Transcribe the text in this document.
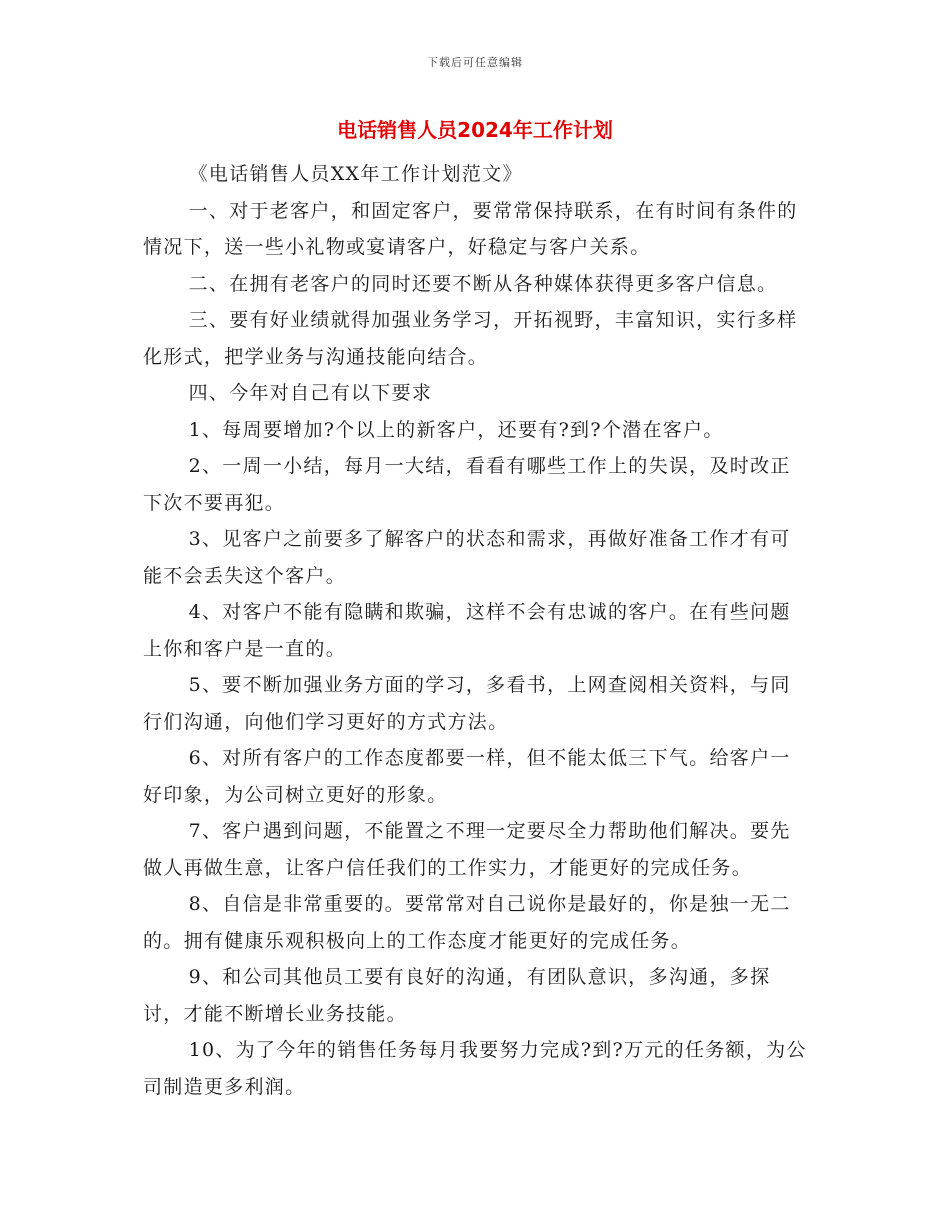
下载后可任意编辑
电话销售人员2024年工作计划

《电话销售人员XX年工作计划范文》

一、对于老客户，和固定客户，要常常保持联系，在有时间有条件的情况下，送一些小礼物或宴请客户，好稳定与客户关系。

二、在拥有老客户的同时还要不断从各种媒体获得更多客户信息。

三、要有好业绩就得加强业务学习，开拓视野，丰富知识，实行多样化形式，把学业务与沟通技能向结合。

四、今年对自己有以下要求

1、每周要增加?个以上的新客户，还要有?到?个潜在客户。

2、一周一小结，每月一大结，看看有哪些工作上的失误，及时改正下次不要再犯。

3、见客户之前要多了解客户的状态和需求，再做好准备工作才有可能不会丢失这个客户。

4、对客户不能有隐瞒和欺骗，这样不会有忠诚的客户。在有些问题上你和客户是一直的。

5、要不断加强业务方面的学习，多看书，上网查阅相关资料，与同行们沟通，向他们学习更好的方式方法。

6、对所有客户的工作态度都要一样，但不能太低三下气。给客户一好印象，为公司树立更好的形象。

7、客户遇到问题，不能置之不理一定要尽全力帮助他们解决。要先做人再做生意，让客户信任我们的工作实力，才能更好的完成任务。

8、自信是非常重要的。要常常对自己说你是最好的，你是独一无二的。拥有健康乐观积极向上的工作态度才能更好的完成任务。

9、和公司其他员工要有良好的沟通，有团队意识，多沟通，多探讨，才能不断增长业务技能。

10、为了今年的销售任务每月我要努力完成?到?万元的任务额，为公司制造更多利润。
